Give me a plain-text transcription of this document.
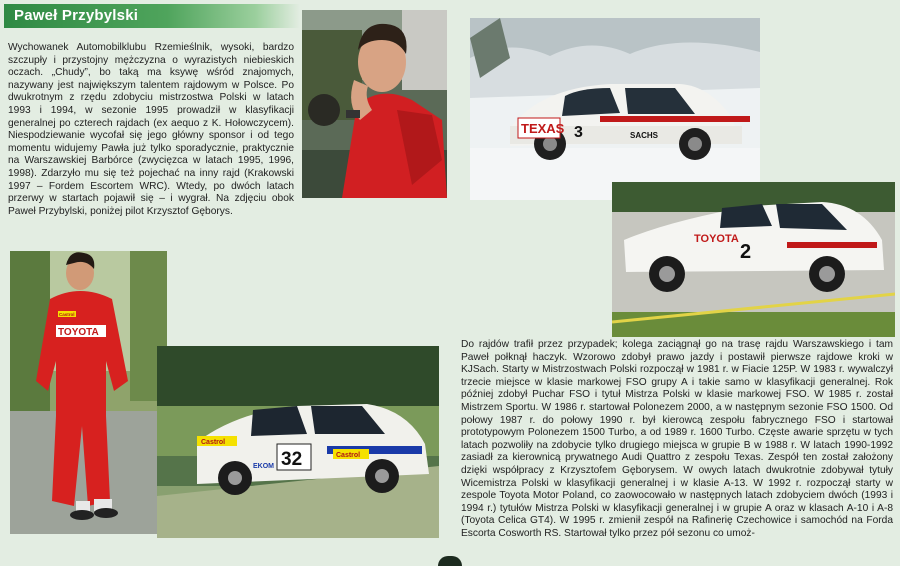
Paweł Przybylski

Wychowanek Automobilklubu Rzemieślnik, wysoki, bardzo szczupły i przystojny mężczyzna o wyrazistych niebieskich oczach. „Chudy”, bo taką ma ksywę wśród znajomych, nazywany jest największym talentem rajdowym w Polsce. Po dwukrotnym z rzędu zdobyciu mistrzostwa Polski w latach 1993 i 1994, w sezonie 1995 prowadził w klasyfikacji generalnej po czterech rajdach (ex aequo z K. Hołowczycem). Niespodziewanie wycofał się jego główny sponsor i od tego momentu widujemy Pawła już tylko sporadycznie, praktycznie na Warszawskiej Barbórce (zwycięzca w latach 1995, 1996, 1998). Zdarzyło mu się też pojechać na inny rajd (Krakowski 1997 – Fordem Escortem WRC). Wtedy, po dwóch latach przerwy w startach pojawił się – i wygrał. Na zdjęciu obok Paweł Przybylski, poniżej pilot Krzysztof Gęborys.

TEXAS 3	SACHS
TOYOTA
2
TOYOTA
Castrol
Castrol
32	Castrol
EKOM

Do rajdów trafił przez przypadek; kolega zaciągnął go na trasę rajdu Warszawskiego i tam Paweł połknął haczyk. Wzorowo zdobył prawo jazdy i postawił pierwsze rajdowe kroki w KJSach. Starty w Mistrzostwach Polski rozpoczął w 1981 r. w Fiacie 125P. W 1983 r. wywalczył trzecie miejsce w klasie markowej FSO grupy A i takie samo w klasyfikacji generalnej. Rok później zdobył Puchar FSO i tytuł Mistrza Polski w klasie markowej FSO. W 1985 r. został Mistrzem Sportu. W 1986 r. startował Polonezem 2000, a w następnym sezonie FSO 1500. Od połowy 1987 r. do połowy 1990 r. był kierowcą zespołu fabrycznego FSO i startował prototypowym Polonezem 1500 Turbo, a od 1989 r. 1600 Turbo. Częste awarie sprzętu w tych latach pozwoliły na zdobycie tylko drugiego miejsca w grupie B w 1988 r. W latach 1990-1992 zasiadł za kierownicą prywatnego Audi Quattro z zespołu Texas. Zespół ten został założony dzięki współpracy z Krzysztofem Gęborysem. W owych latach dwukrotnie zdobywał tytuły Wicemistrza Polski w klasyfikacji generalnej i w klasie A-13. W 1992 r. rozpoczął starty w zespole Toyota Motor Poland, co zaowocowało w następnych latach zdobyciem dwóch (1993 i 1994 r.) tytułów Mistrza Polski w klasyfikacji generalnej i w grupie A oraz w klasach A-10 i A-8 (Toyota Celica GT4). W 1995 r. zmienił zespół na Rafinerię Czechowice i samochód na Forda Escorta Cosworth RS. Startował tylko przez pół sezonu co umoż-
